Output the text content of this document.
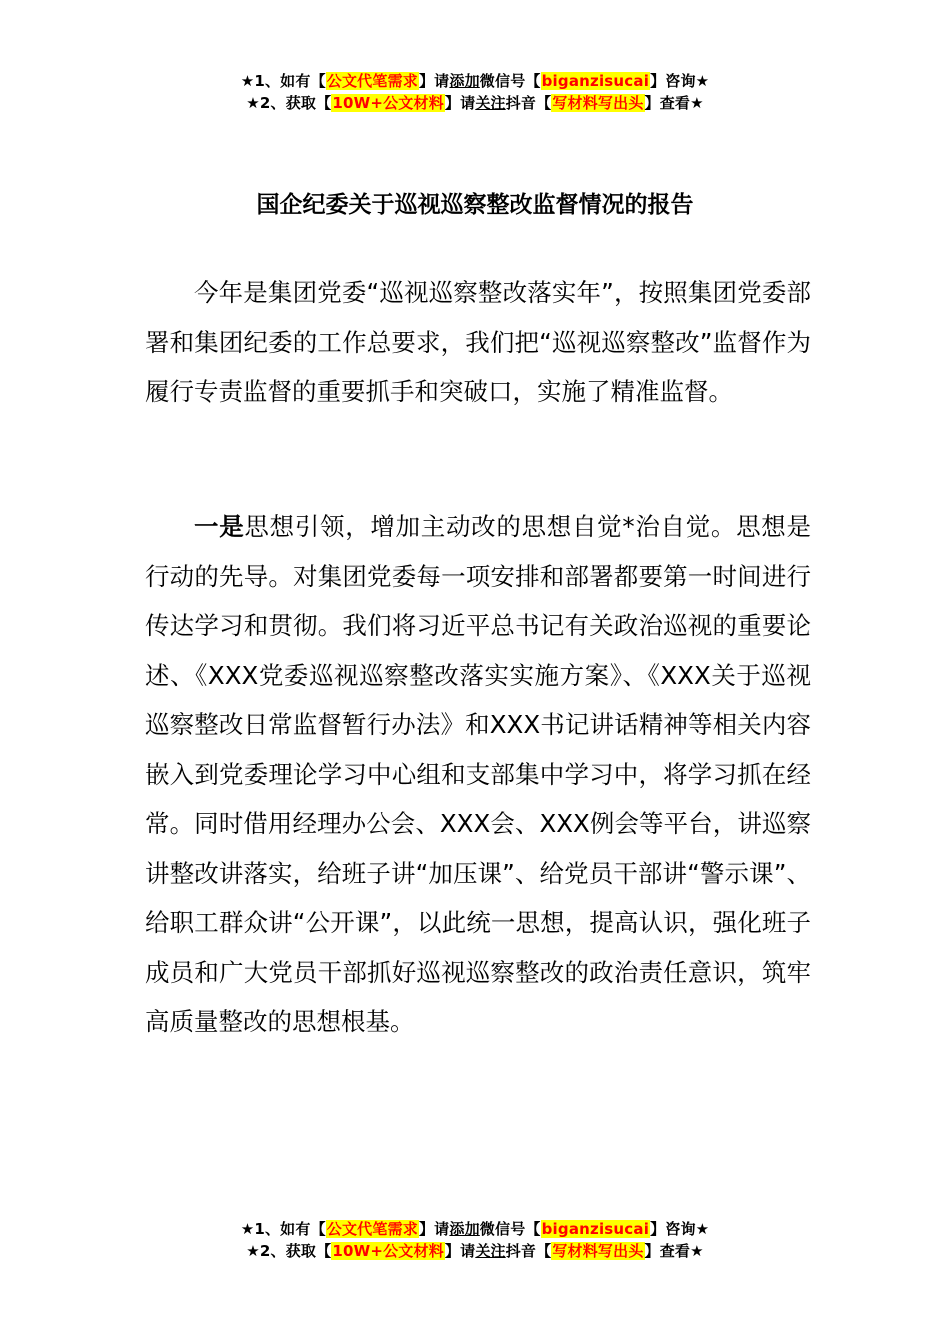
★1、如有【公文代笔需求】请添加微信号【biganzisucai】咨询★
★2、获取【10W+公文材料】请关注抖音【写材料写出头】查看★
国企纪委关于巡视巡察整改监督情况的报告

今年是集团党委“巡视巡察整改落实年”，按照集团党委部署和集团纪委的工作总要求，我们把“巡视巡察整改”监督作为履行专责监督的重要抓手和突破口，实施了精准监督。

一是思想引领，增加主动改的思想自觉*治自觉。思想是行动的先导。对集团党委每一项安排和部署都要第一时间进行传达学习和贯彻。我们将习近平总书记有关政治巡视的重要论述、《XXX党委巡视巡察整改落实实施方案》、《XXX关于巡视巡察整改日常监督暂行办法》和XXX书记讲话精神等相关内容嵌入到党委理论学习中心组和支部集中学习中，将学习抓在经常。同时借用经理办公会、XXX会、XXX例会等平台，讲巡察讲整改讲落实，给班子讲“加压课”、给党员干部讲“警示课”、给职工群众讲“公开课”，以此统一思想，提高认识，强化班子成员和广大党员干部抓好巡视巡察整改的政治责任意识，筑牢高质量整改的思想根基。

★1、如有【公文代笔需求】请添加微信号【biganzisucai】咨询★
★2、获取【10W+公文材料】请关注抖音【写材料写出头】查看★
